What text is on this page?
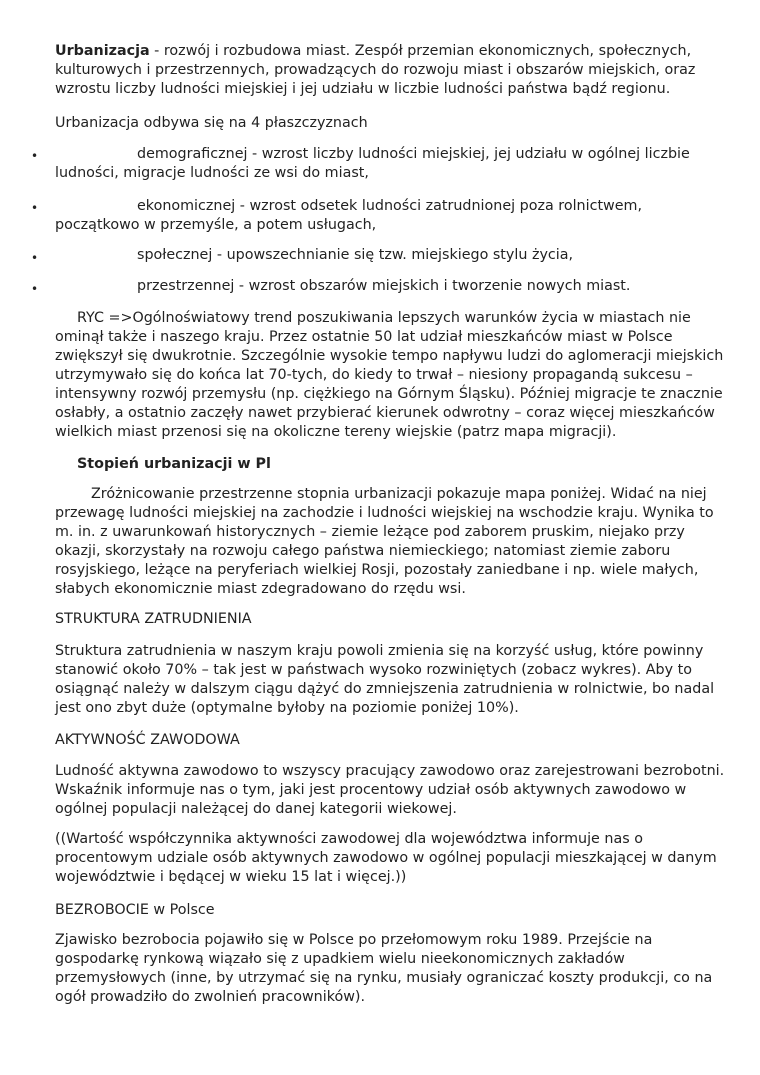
Urbanizacja - rozwój i rozbudowa miast. Zespół przemian ekonomicznych, społecznych, kulturowych i przestrzennych, prowadzących do rozwoju miast i obszarów miejskich, oraz wzrostu liczby ludności miejskiej i jej udziału w liczbie ludności państwa bądź regionu.

Urbanizacja odbywa się na 4 płaszczyznach

•	demograficznej - wzrost liczby ludności miejskiej, jej udziału w ogólnej liczbie ludności, migracje ludności ze wsi do miast,

•	ekonomicznej - wzrost odsetek ludności zatrudnionej poza rolnictwem, początkowo w przemyśle, a potem usługach,

•	społecznej - upowszechnianie się tzw. miejskiego stylu życia,

•	przestrzennej - wzrost obszarów miejskich i tworzenie nowych miast.

RYC =>Ogólnoświatowy trend poszukiwania lepszych warunków życia w miastach nie ominął także i naszego kraju. Przez ostatnie 50 lat udział mieszkańców miast w Polsce zwiększył się dwukrotnie. Szczególnie wysokie tempo napływu ludzi do aglomeracji miejskich utrzymywało się do końca lat 70-tych, do kiedy to trwał – niesiony propagandą sukcesu – intensywny rozwój przemysłu (np. ciężkiego na Górnym Śląsku). Później migracje te znacznie osłabły, a ostatnio zaczęły nawet przybierać kierunek odwrotny – coraz więcej mieszkańców wielkich miast przenosi się na okoliczne tereny wiejskie (patrz mapa migracji).

Stopień urbanizacji w Pl

Zróżnicowanie przestrzenne stopnia urbanizacji pokazuje mapa poniżej. Widać na niej przewagę ludności miejskiej na zachodzie i ludności wiejskiej na wschodzie kraju. Wynika to m. in. z uwarunkowań historycznych – ziemie leżące pod zaborem pruskim, niejako przy okazji, skorzystały na rozwoju całego państwa niemieckiego; natomiast ziemie zaboru rosyjskiego, leżące na peryferiach wielkiej Rosji, pozostały zaniedbane i np. wiele małych, słabych ekonomicznie miast zdegradowano do rzędu wsi.

STRUKTURA ZATRUDNIENIA

Struktura zatrudnienia w naszym kraju powoli zmienia się na korzyść usług, które powinny stanowić około 70% – tak jest w państwach wysoko rozwiniętych (zobacz wykres). Aby to osiągnąć należy w dalszym ciągu dążyć do zmniejszenia zatrudnienia w rolnictwie, bo nadal jest ono zbyt duże (optymalne byłoby na poziomie poniżej 10%).

AKTYWNOŚĆ ZAWODOWA

Ludność aktywna zawodowo to wszyscy pracujący zawodowo oraz zarejestrowani bezrobotni. Wskaźnik informuje nas o tym, jaki jest procentowy udział osób aktywnych zawodowo w ogólnej populacji należącej do danej kategorii wiekowej.

((Wartość współczynnika aktywności zawodowej dla województwa informuje nas o procentowym udziale osób aktywnych zawodowo w ogólnej populacji mieszkającej w danym województwie i będącej w wieku 15 lat i więcej.))

BEZROBOCIE w Polsce

Zjawisko bezrobocia pojawiło się w Polsce po przełomowym roku 1989. Przejście na gospodarkę rynkową wiązało się z upadkiem wielu nieekonomicznych zakładów przemysłowych (inne, by utrzymać się na rynku, musiały ograniczać koszty produkcji, co na ogół prowadziło do zwolnień pracowników).
